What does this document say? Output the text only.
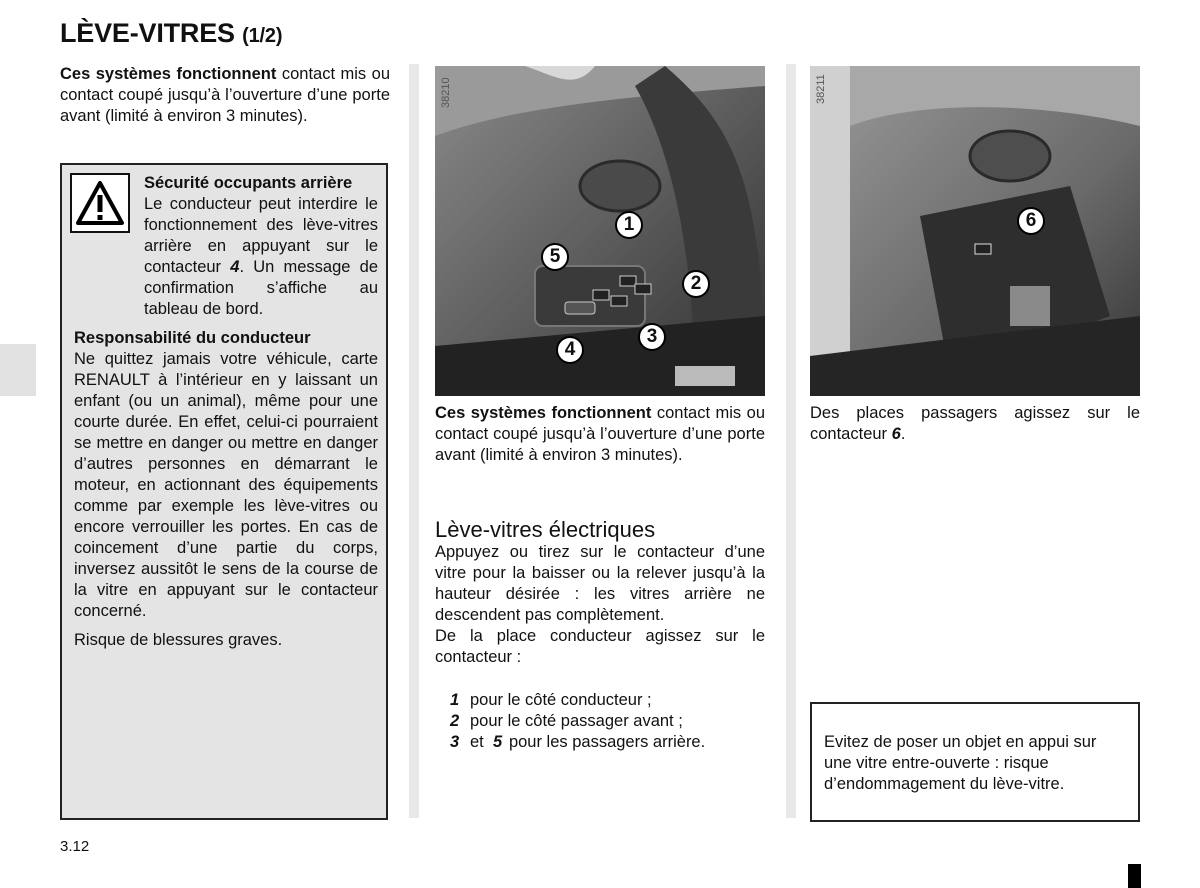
LÈVE-VITRES (1/2)
Ces systèmes fonctionnent contact mis ou contact coupé jusqu’à l’ouverture d’une porte avant (limité à environ 3 minutes).

Sécurité occupants arrière
Le conducteur peut interdire le fonctionnement des lève-vitres arrière en appuyant sur le contacteur 4. Un message de confirmation s’affiche au tableau de bord.

Responsabilité du conducteur
Ne quittez jamais votre véhicule, carte RENAULT à l’intérieur en y laissant un enfant (ou un animal), même pour une courte durée. En effet, celui-ci pourraient se mettre en danger ou mettre en danger d’autres personnes en démarrant le moteur, en actionnant des équipements comme par exemple les lève-vitres ou encore verrouiller les portes. En cas de coincement d’une partie du corps, inversez aussitôt le sens de la course de la vitre en appuyant sur le contacteur concerné.

Risque de blessures graves.

38210
1
2
3
4
5
38211
6
Ces systèmes fonctionnent contact mis ou contact coupé jusqu’à l’ouverture d’une porte avant (limité à environ 3 minutes).
Lève-vitres électriques
Appuyez ou tirez sur le contacteur d’une vitre pour la baisser ou la relever jusqu’à la hauteur désirée : les vitres arrière ne descendent pas complètement.
De la place conducteur agissez sur le contacteur :
1 pour le côté conducteur ;
2 pour le côté passager avant ;
3 et 5 pour les passagers arrière.
Des places passagers agissez sur le contacteur 6.
Evitez de poser un objet en appui sur une vitre entre-ouverte : risque d’endommagement du lève-vitre.
3.12
